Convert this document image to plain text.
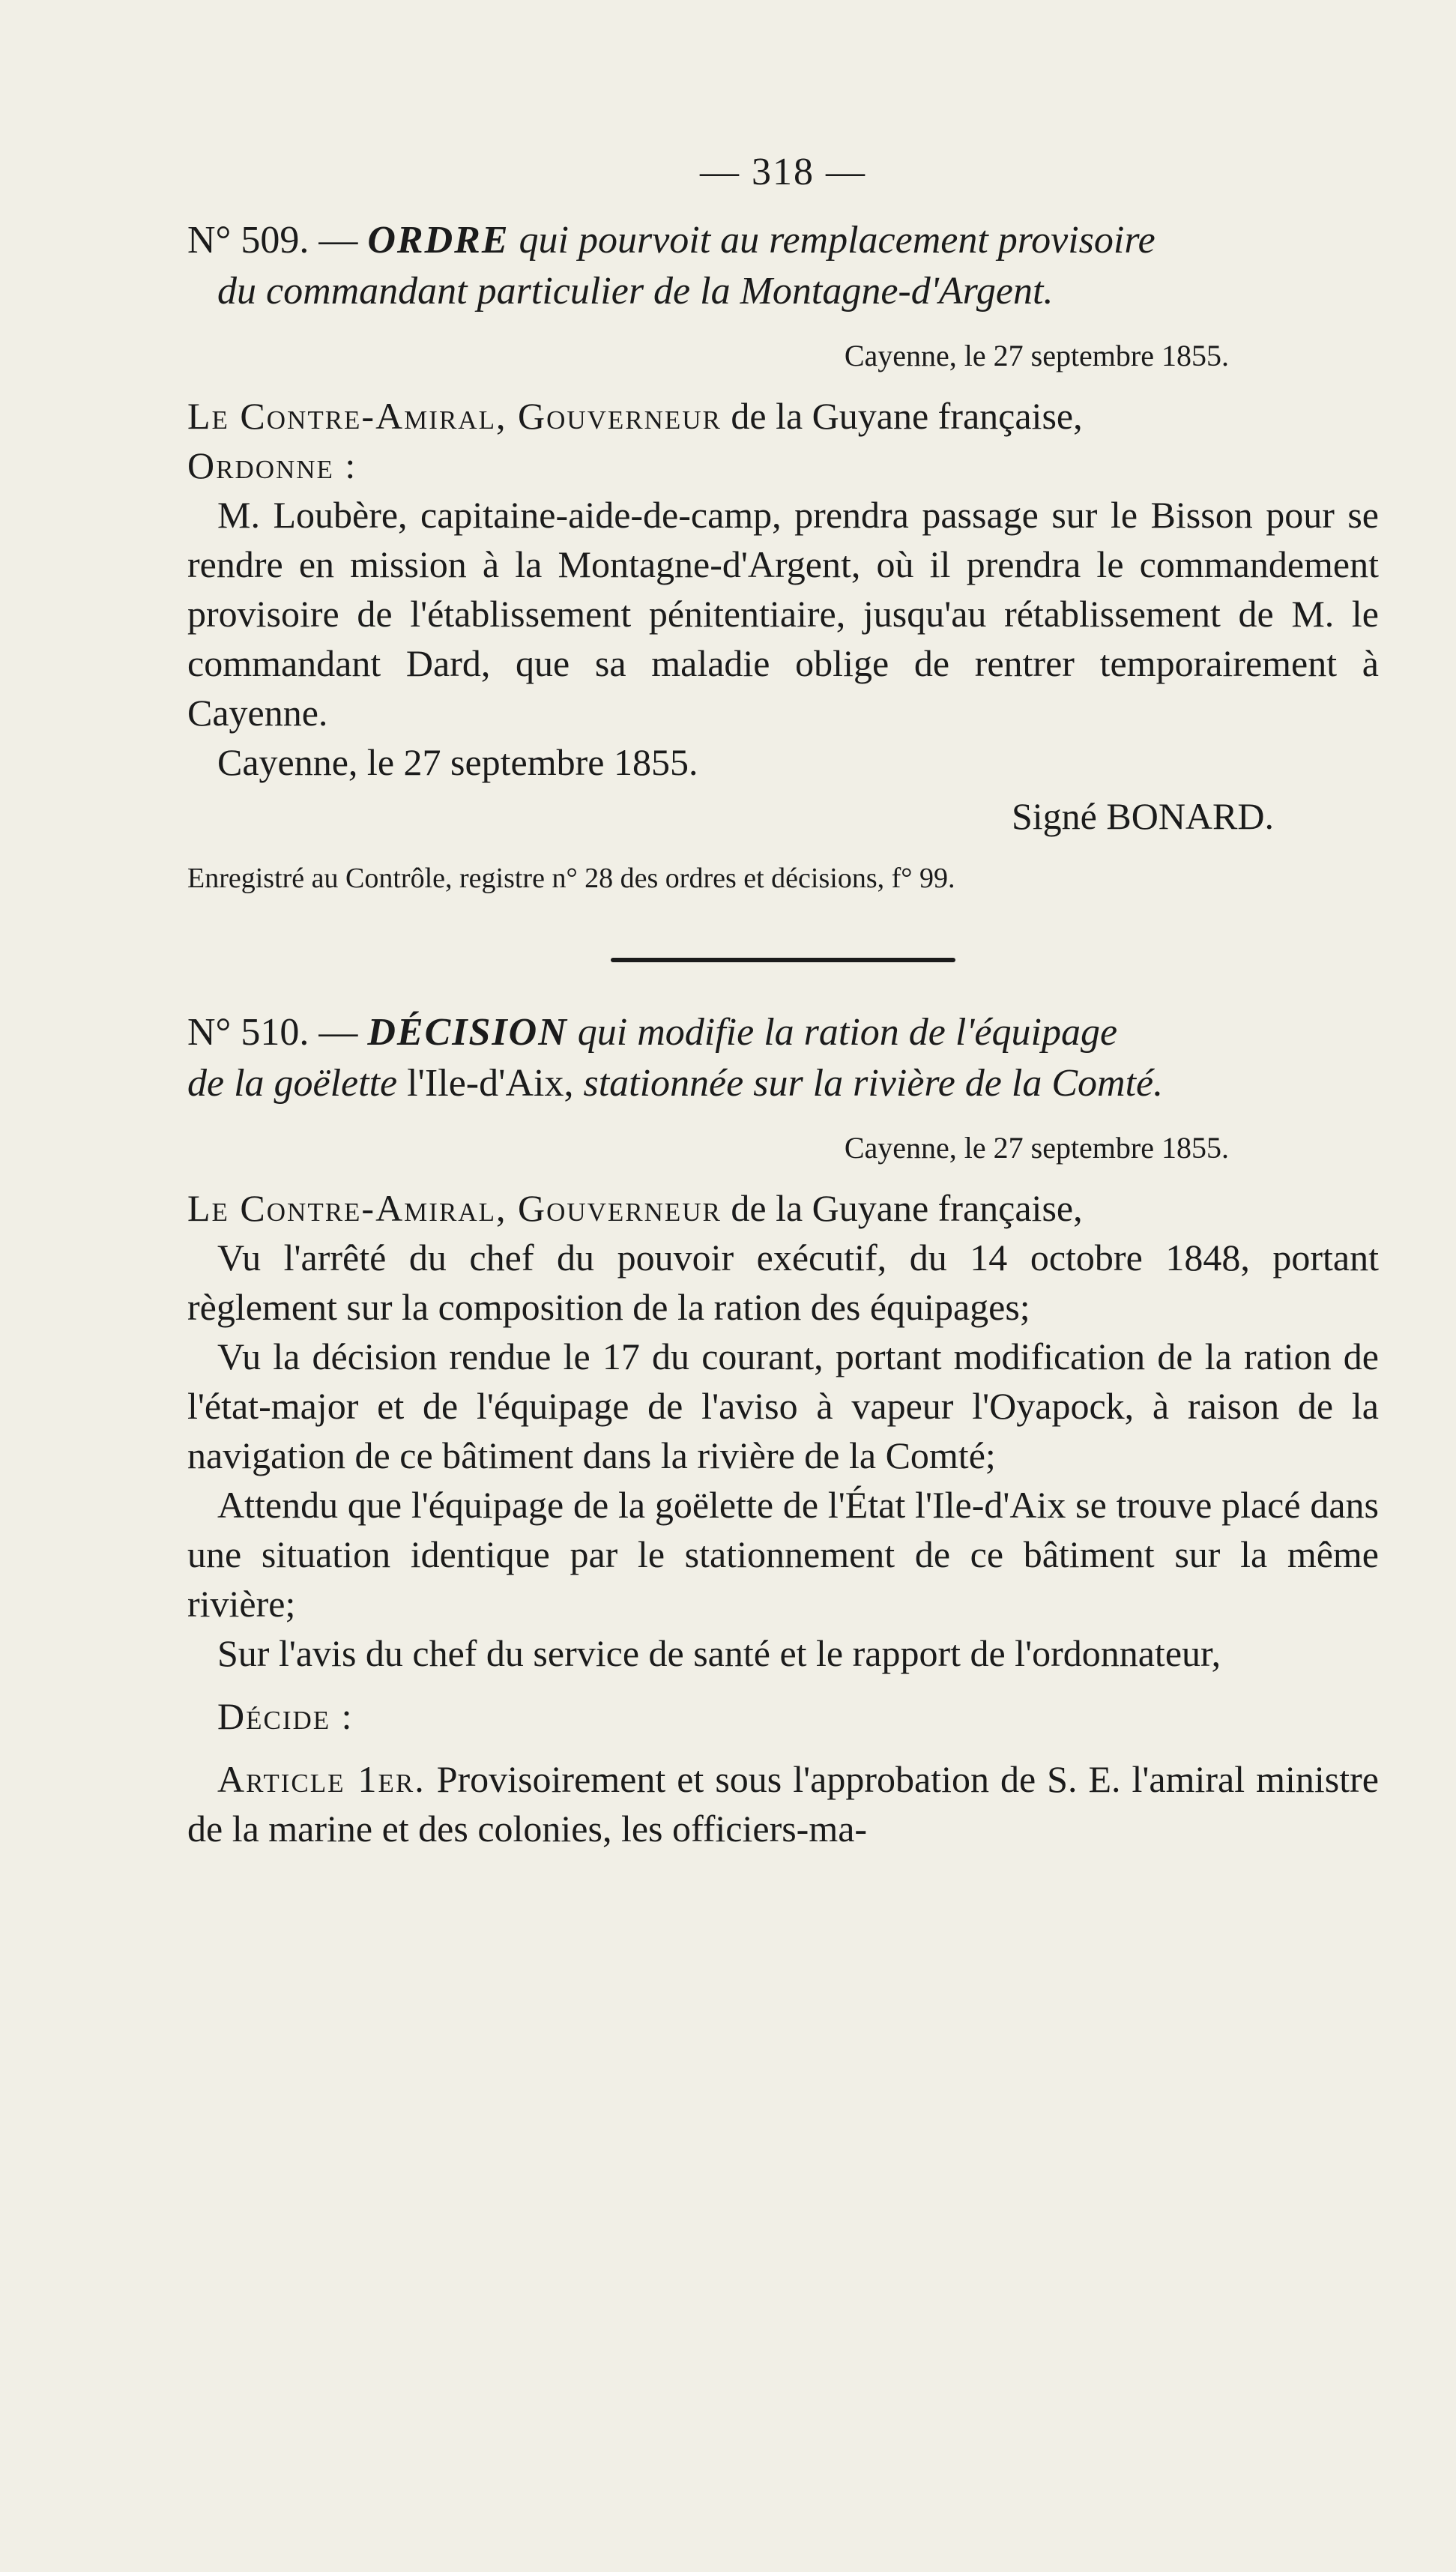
— 318 —
N° 509. — ORDRE qui pourvoit au remplacement provisoire
du commandant particulier de la Montagne-d'Argent.
Cayenne, le 27 septembre 1855.
Le Contre-Amiral, Gouverneur de la Guyane française,
Ordonne :
M. Loubère, capitaine-aide-de-camp, prendra passage sur le Bisson pour se rendre en mission à la Montagne-d'Argent, où il prendra le commandement provisoire de l'établissement pénitentiaire, jusqu'au rétablissement de M. le commandant Dard, que sa maladie oblige de rentrer temporairement à Cayenne.
Cayenne, le 27 septembre 1855.
Signé BONARD.
Enregistré au Contrôle, registre n° 28 des ordres et décisions, f° 99.
N° 510. — DÉCISION qui modifie la ration de l'équipage
de la goëlette l'Ile-d'Aix, stationnée sur la rivière de la Comté.
Cayenne, le 27 septembre 1855.
Le Contre-Amiral, Gouverneur de la Guyane française,
Vu l'arrêté du chef du pouvoir exécutif, du 14 octobre 1848, portant règlement sur la composition de la ration des équipages;
Vu la décision rendue le 17 du courant, portant modification de la ration de l'état-major et de l'équipage de l'aviso à vapeur l'Oyapock, à raison de la navigation de ce bâtiment dans la rivière de la Comté;
Attendu que l'équipage de la goëlette de l'État l'Ile-d'Aix se trouve placé dans une situation identique par le stationnement de ce bâtiment sur la même rivière;
Sur l'avis du chef du service de santé et le rapport de l'ordonnateur,
Décide :
Article 1er. Provisoirement et sous l'approbation de S. E. l'amiral ministre de la marine et des colonies, les officiers-ma-
